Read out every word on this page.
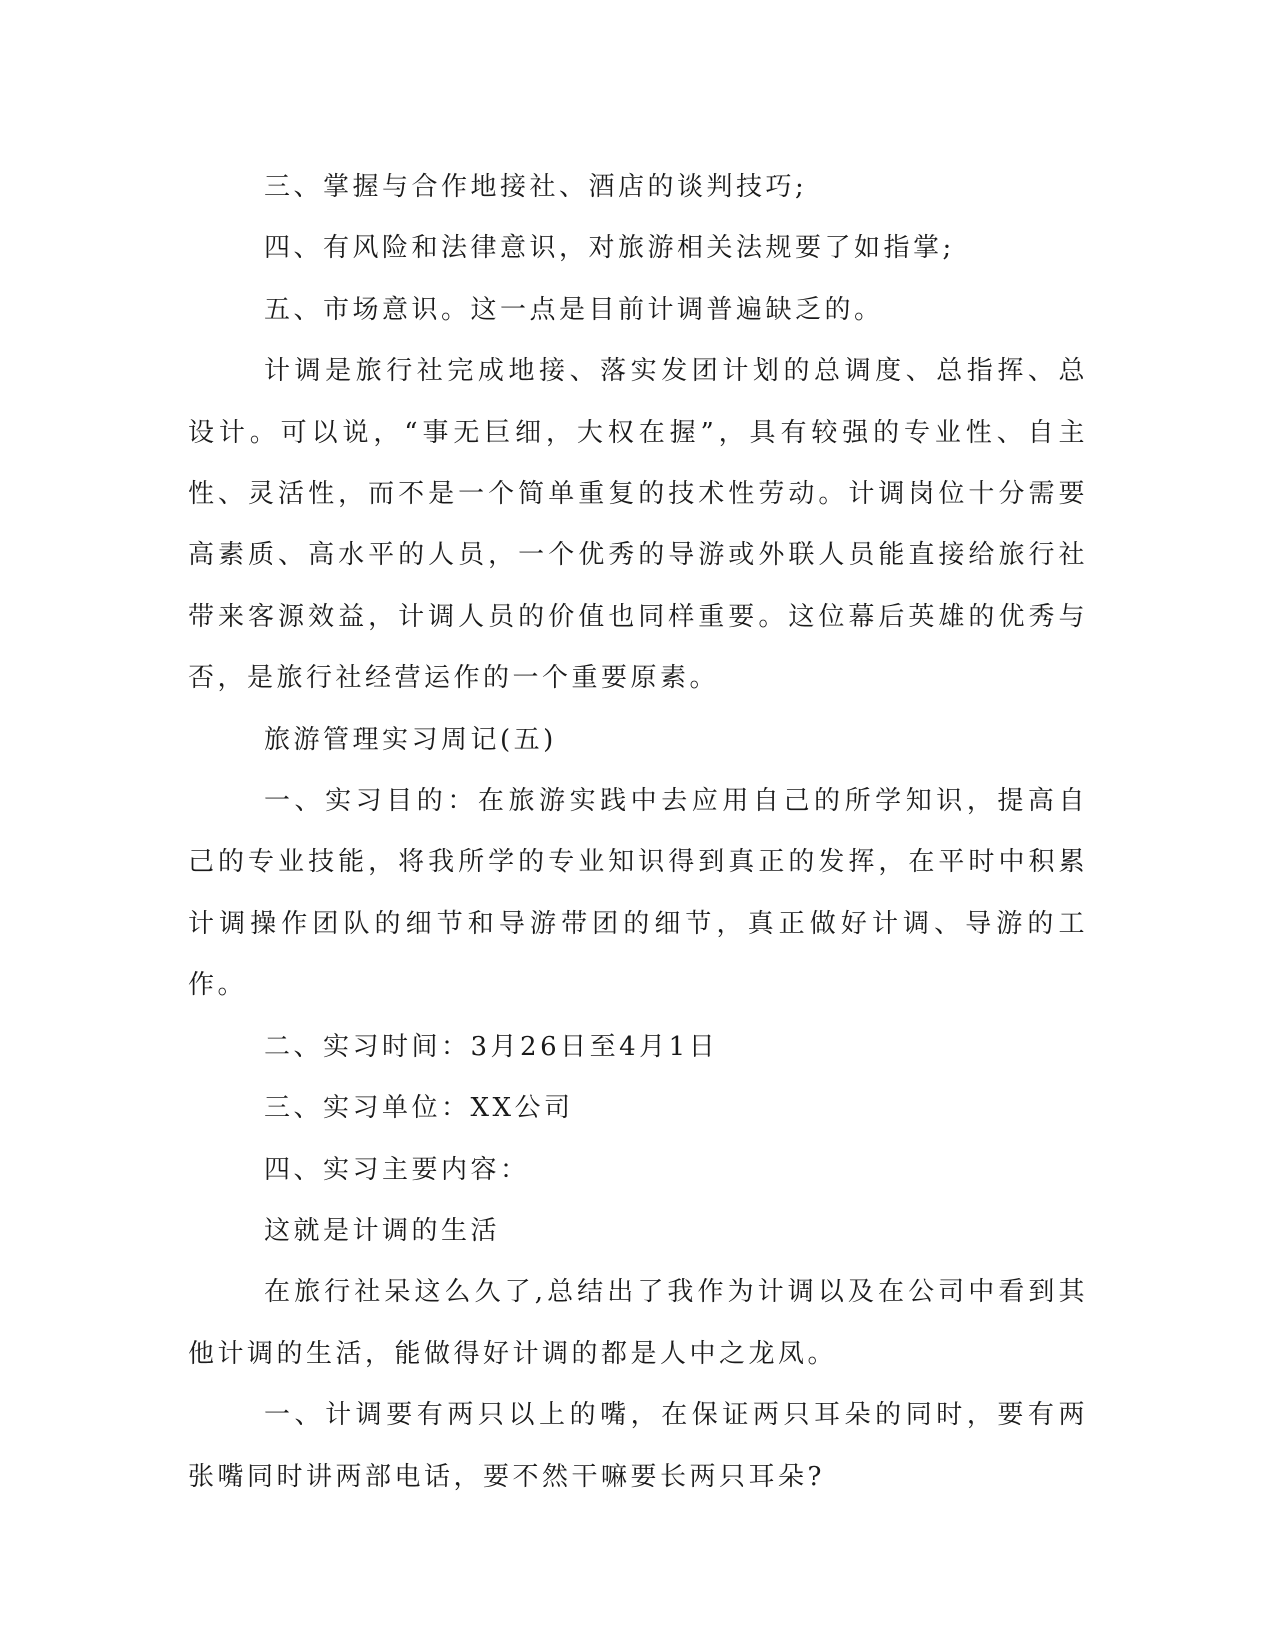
三、掌握与合作地接社、酒店的谈判技巧;

四、有风险和法律意识，对旅游相关法规要了如指掌;

五、市场意识。这一点是目前计调普遍缺乏的。

计调是旅行社完成地接、落实发团计划的总调度、总指挥、总设计。可以说，“事无巨细，大权在握”，具有较强的专业性、自主性、灵活性，而不是一个简单重复的技术性劳动。计调岗位十分需要高素质、高水平的人员，一个优秀的导游或外联人员能直接给旅行社带来客源效益，计调人员的价值也同样重要。这位幕后英雄的优秀与否，是旅行社经营运作的一个重要原素。

旅游管理实习周记(五)

一、实习目的：在旅游实践中去应用自己的所学知识，提高自己的专业技能，将我所学的专业知识得到真正的发挥，在平时中积累计调操作团队的细节和导游带团的细节，真正做好计调、导游的工作。

二、实习时间：3月26日至4月1日

三、实习单位：XX公司

四、实习主要内容：

这就是计调的生活

在旅行社呆这么久了,总结出了我作为计调以及在公司中看到其他计调的生活，能做得好计调的都是人中之龙凤。

一、计调要有两只以上的嘴，在保证两只耳朵的同时，要有两张嘴同时讲两部电话，要不然干嘛要长两只耳朵?
